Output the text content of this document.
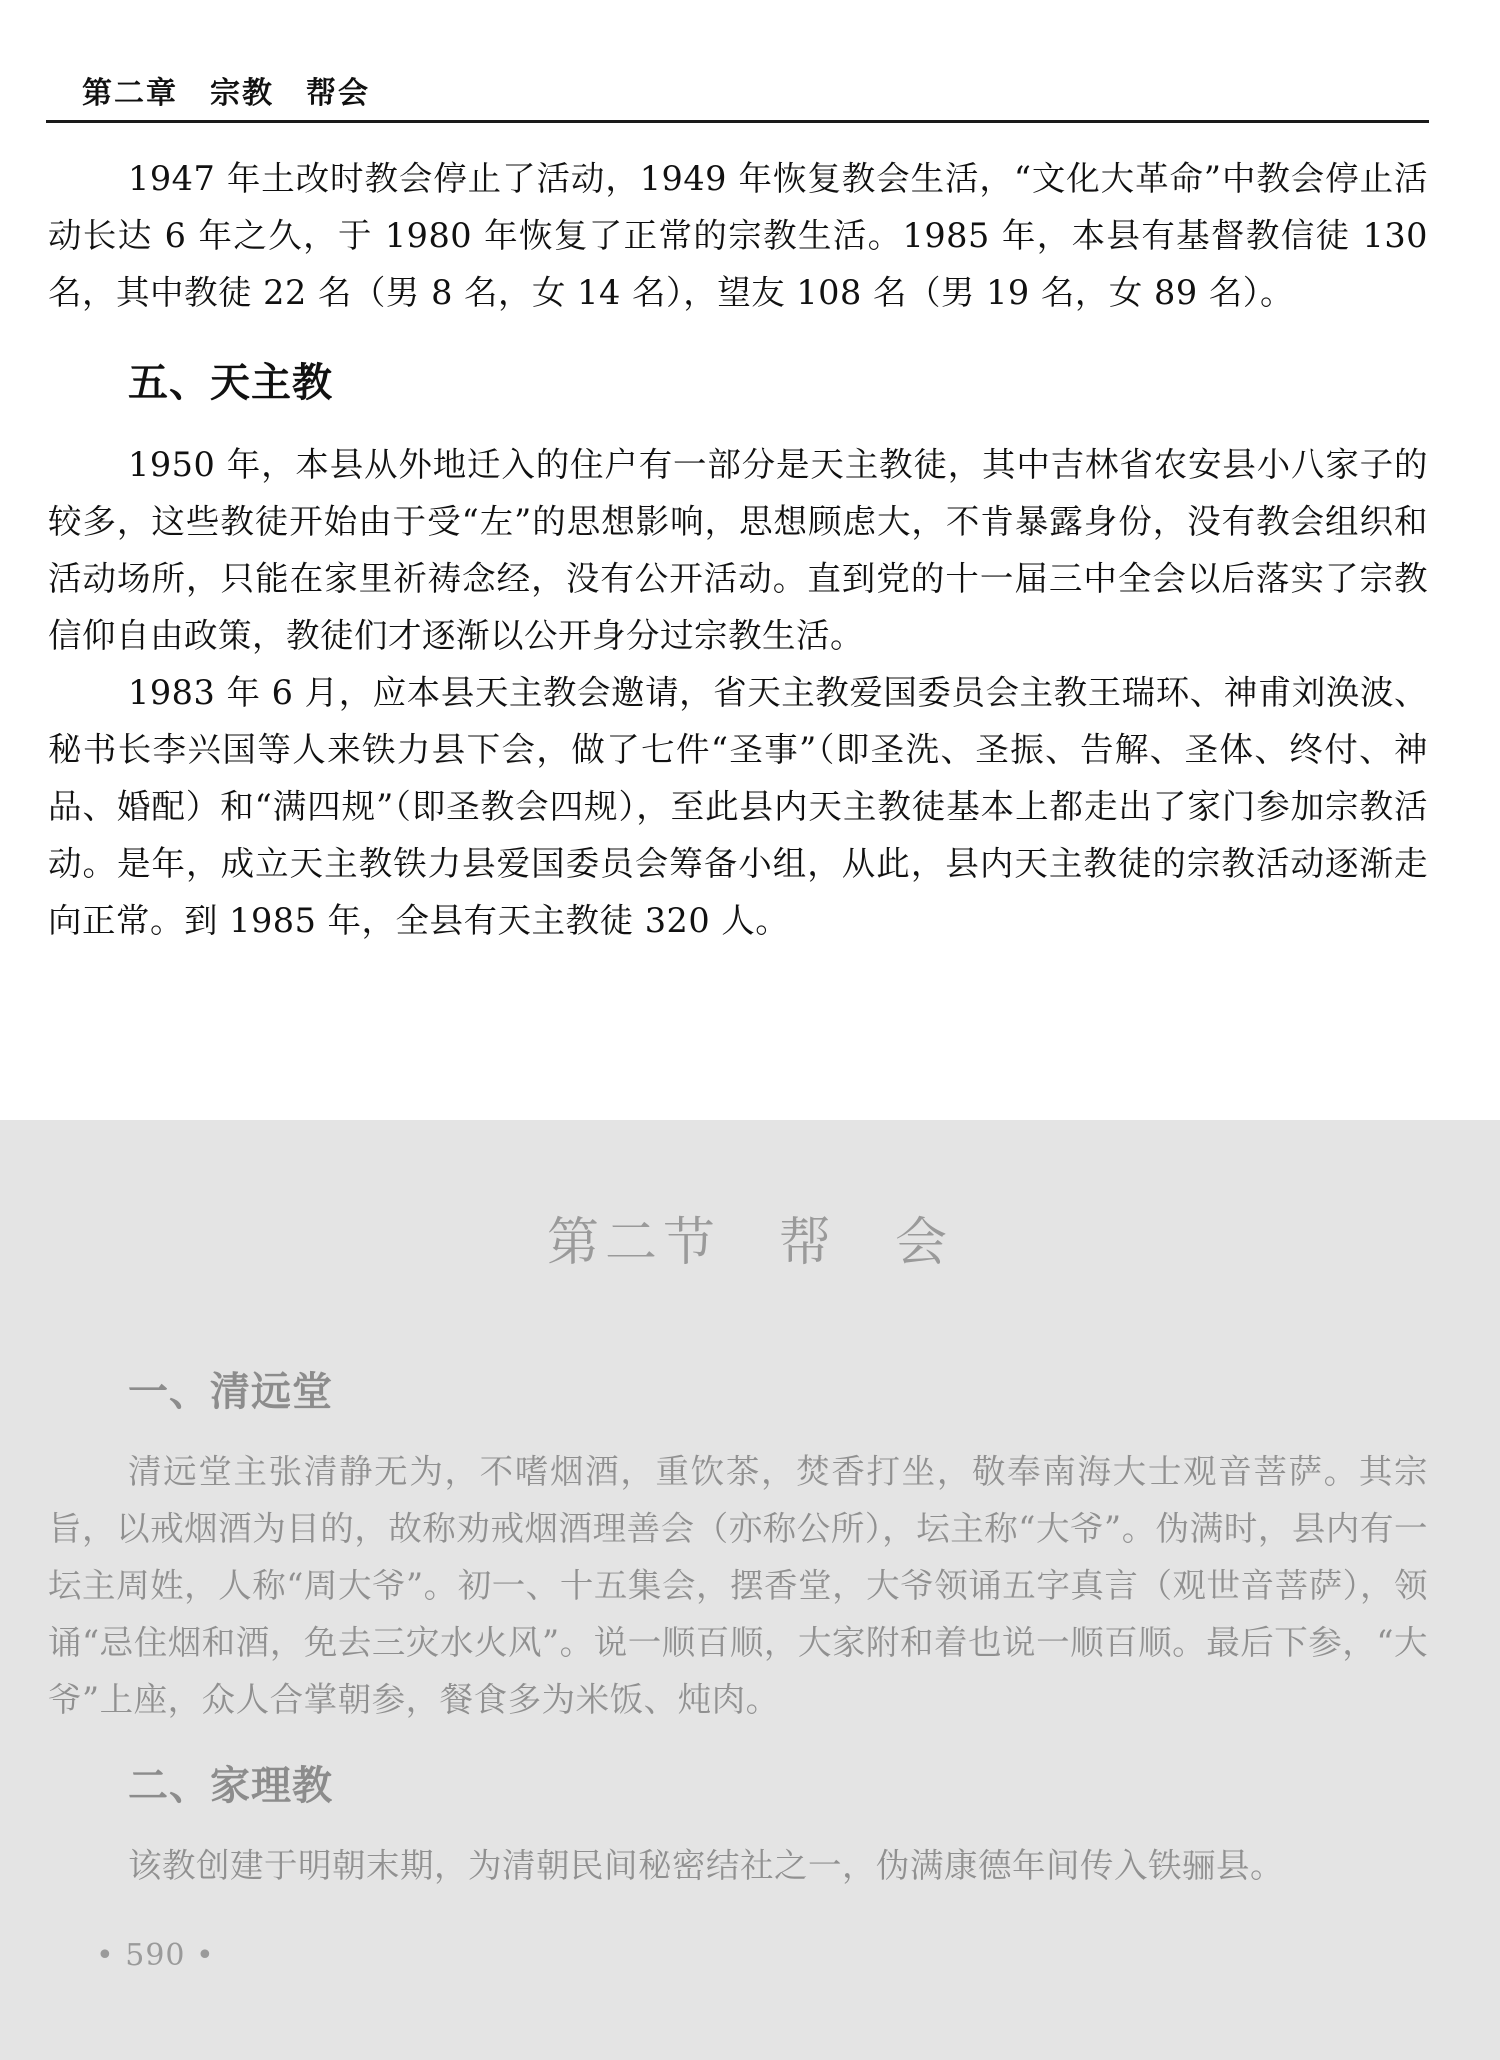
第二章　宗教　帮会

1947 年土改时教会停止了活动，1949 年恢复教会生活，“文化大革命”中教会停止活动长达 6 年之久，于 1980 年恢复了正常的宗教生活。1985 年，本县有基督教信徒 130 名，其中教徒 22 名（男 8 名，女 14 名），望友 108 名（男 19 名，女 89 名）。

五、天主教

1950 年，本县从外地迁入的住户有一部分是天主教徒，其中吉林省农安县小八家子的较多，这些教徒开始由于受“左”的思想影响，思想顾虑大，不肯暴露身份，没有教会组织和活动场所，只能在家里祈祷念经，没有公开活动。直到党的十一届三中全会以后落实了宗教信仰自由政策，教徒们才逐渐以公开身分过宗教生活。

1983 年 6 月，应本县天主教会邀请，省天主教爱国委员会主教王瑞环、神甫刘涣波、秘书长李兴国等人来铁力县下会，做了七件“圣事”（即圣洗、圣振、告解、圣体、终付、神品、婚配）和“满四规”（即圣教会四规），至此县内天主教徒基本上都走出了家门参加宗教活动。是年，成立天主教铁力县爱国委员会筹备小组，从此，县内天主教徒的宗教活动逐渐走向正常。到 1985 年，全县有天主教徒 320 人。

第二节　帮　会
一、清远堂

清远堂主张清静无为，不嗜烟酒，重饮茶，焚香打坐，敬奉南海大士观音菩萨。其宗旨，以戒烟酒为目的，故称劝戒烟酒理善会（亦称公所），坛主称“大爷”。伪满时，县内有一坛主周姓，人称“周大爷”。初一、十五集会，摆香堂，大爷领诵五字真言（观世音菩萨），领诵“忌住烟和酒，免去三灾水火风”。说一顺百顺，大家附和着也说一顺百顺。最后下参，“大爷”上座，众人合掌朝参，餐食多为米饭、炖肉。

二、家理教

该教创建于明朝末期，为清朝民间秘密结社之一，伪满康德年间传入铁骊县。

• 590 •
